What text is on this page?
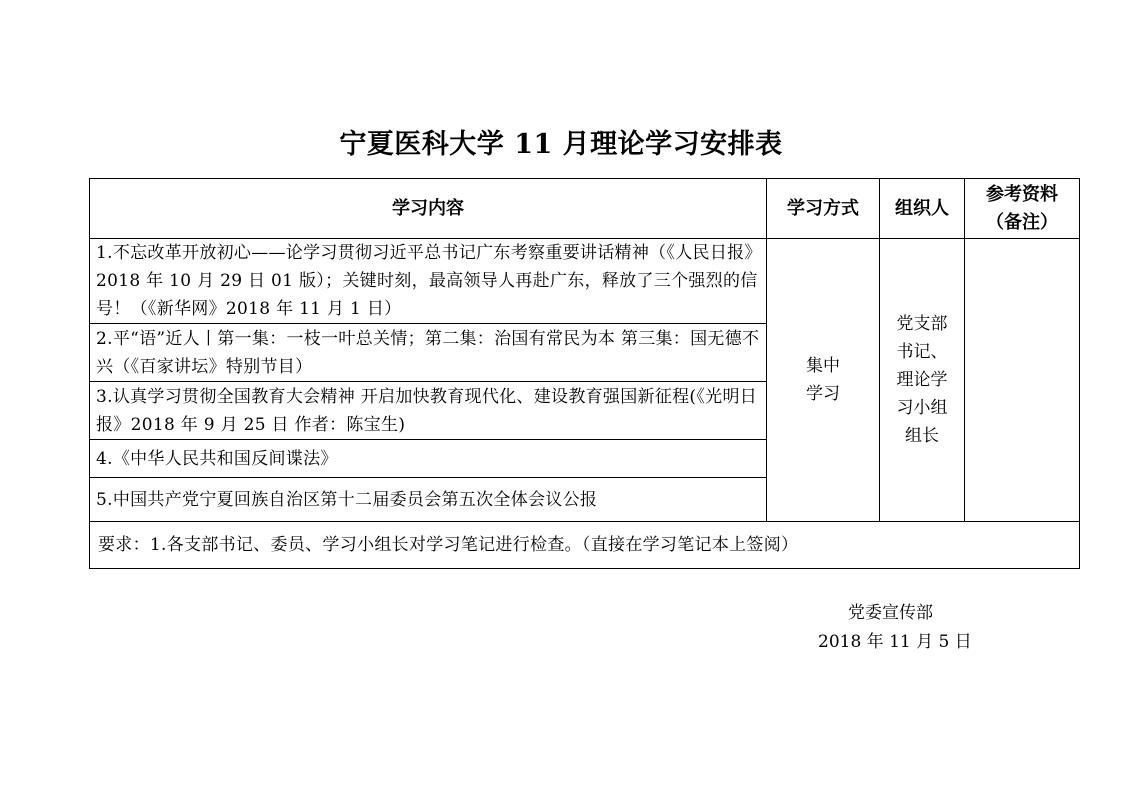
宁夏医科大学 11 月理论学习安排表
学习内容	学习方式	组织人	参考资料
（备注）

1.不忘改革开放初心——论学习贯彻习近平总书记广东考察重要讲话精神（《人民日报》2018 年 10 月 29 日 01 版）；关键时刻，最高领导人再赴广东，释放了三个强烈的信号！（《新华网》2018 年 11 月 1 日）	集中学习	党支部书记、理论学习小组组长	
2.平“语”近人丨第一集：一枝一叶总关情；第二集：治国有常民为本 第三集：国无德不兴（《百家讲坛》特别节目）			
3.认真学习贯彻全国教育大会精神 开启加快教育现代化、建设教育强国新征程(《光明日报》2018 年 9 月 25 日 作者：陈宝生)			
4.《中华人民共和国反间谍法》			
5.中国共产党宁夏回族自治区第十二届委员会第五次全体会议公报			
要求：1.各支部书记、委员、学习小组长对学习笔记进行检查。（直接在学习笔记本上签阅）			
党委宣传部
2018 年 11 月 5 日
